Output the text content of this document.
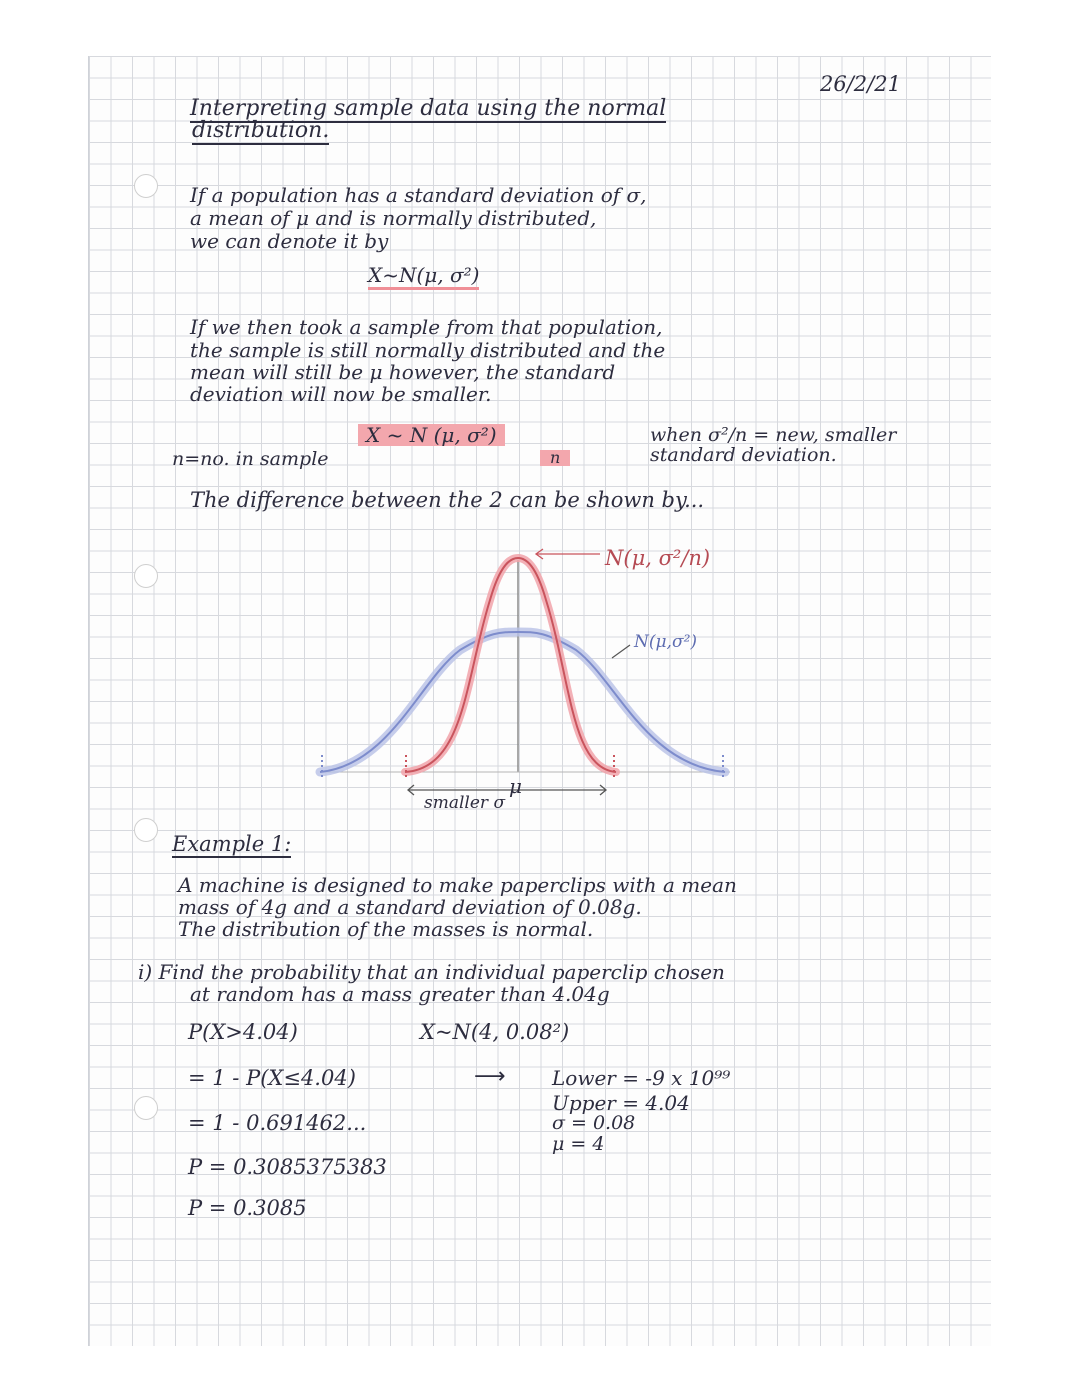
26/2/21
Interpreting sample data using the normal
distribution.
If a population has a standard deviation of σ,
a mean of μ and is normally distributed,
we can denote it by
X~N(μ, σ²)
If we then took a sample from that population,
the sample is still normally distributed and the
mean will still be μ however, the standard
deviation will now be smaller.
X ~ N (μ, σ²)
n
n=no. in sample
when σ²/n = new, smaller
standard deviation.
The difference between the 2 can be shown by...
N(μ, σ²/n)
N(μ,σ²)
μ
smaller σ
Example 1:
A machine is designed to make paperclips with a mean
mass of 4g and a standard deviation of 0.08g.
The distribution of the masses is normal.
i) Find the probability that an individual paperclip chosen
at random has a mass greater than 4.04g
P(X>4.04)	X~N(4, 0.08²)
= 1 - P(X≤4.04)	⟶ Lower = -9 x 10⁹⁹
Upper = 4.04
σ = 0.08
μ = 4
= 1 - 0.691462...
P = 0.3085375383
P = 0.3085
